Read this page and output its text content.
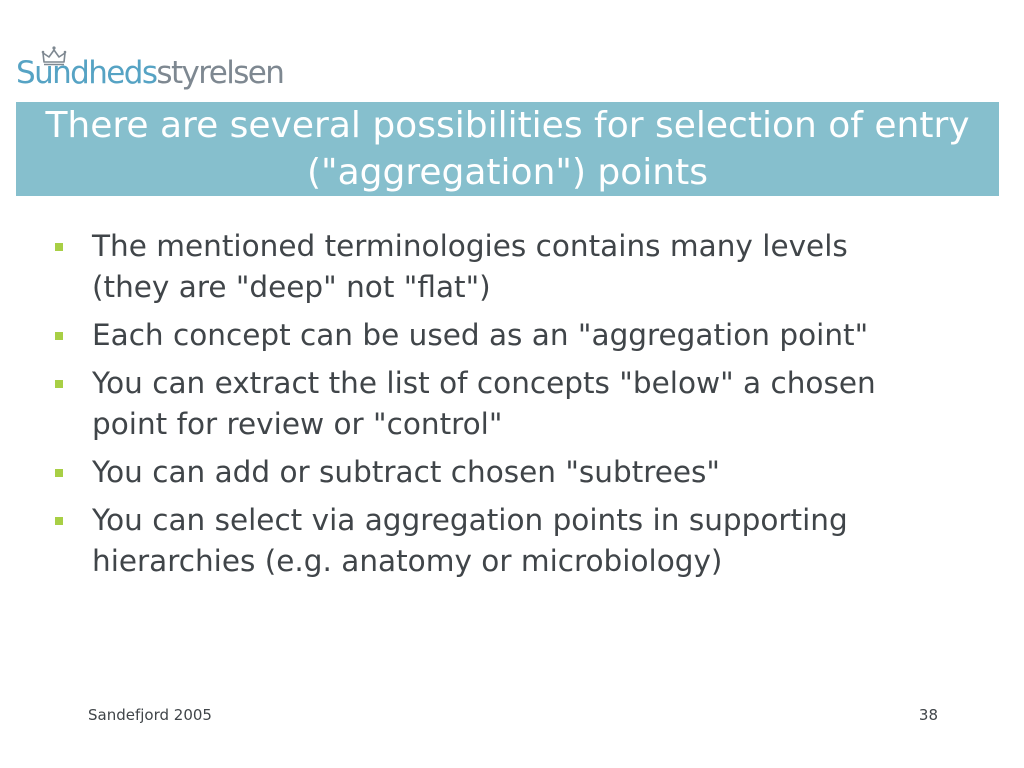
Sundhedsstyrelsen
There are several possibilities for selection of entry ("aggregation") points
The mentioned terminologies contains many levels (they are "deep" not "flat")
Each concept can be used as an "aggregation point"
You can extract the list of concepts "below" a chosen point for review or "control"
You can add or subtract chosen "subtrees"
You can select via aggregation points in supporting hierarchies (e.g. anatomy or microbiology)
Sandefjord 2005	38
